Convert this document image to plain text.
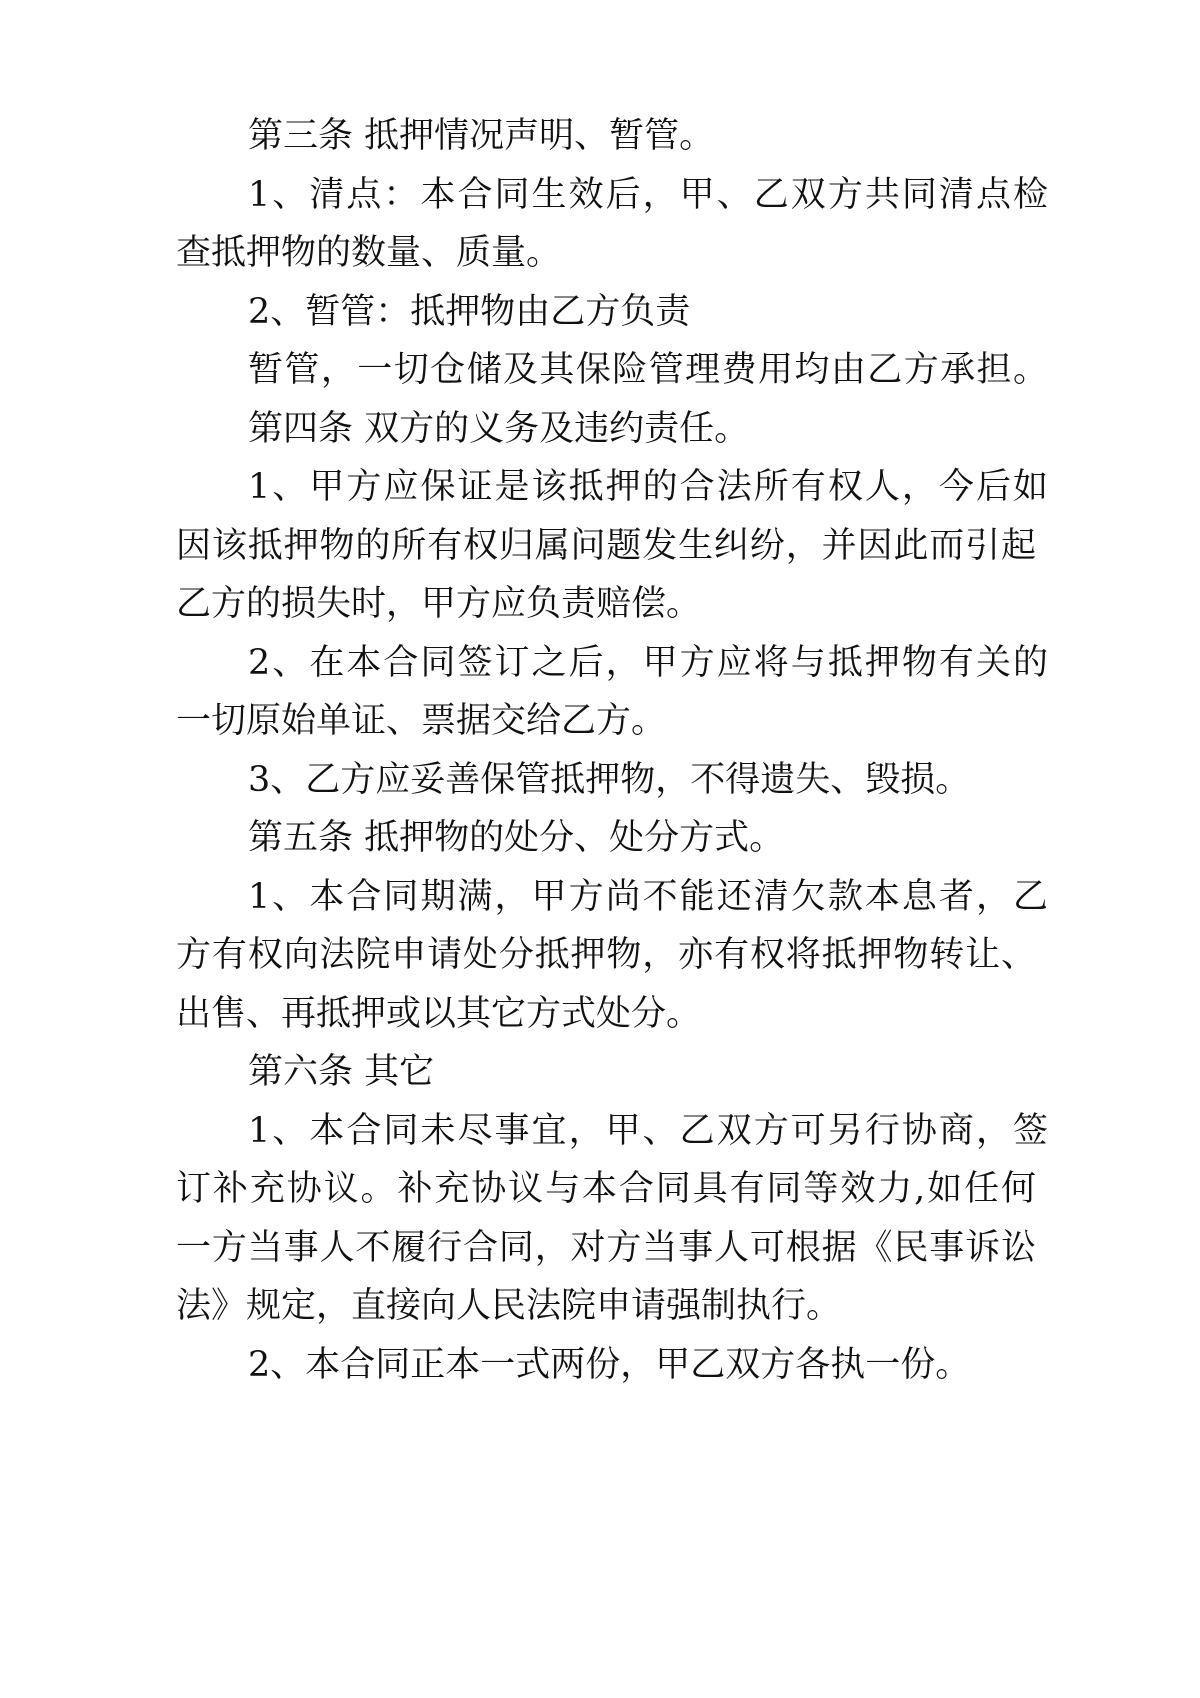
第三条 抵押情况声明、暂管。
1、清点：本合同生效后，甲、乙双方共同清点检
查抵押物的数量、质量。
2、暂管：抵押物由乙方负责
暂管，一切仓储及其保险管理费用均由乙方承担。
第四条 双方的义务及违约责任。
1、甲方应保证是该抵押的合法所有权人，今后如
因该抵押物的所有权归属问题发生纠纷，并因此而引起
乙方的损失时，甲方应负责赔偿。
2、在本合同签订之后，甲方应将与抵押物有关的
一切原始单证、票据交给乙方。
3、乙方应妥善保管抵押物，不得遗失、毁损。
第五条 抵押物的处分、处分方式。
1、本合同期满，甲方尚不能还清欠款本息者，乙
方有权向法院申请处分抵押物，亦有权将抵押物转让、
出售、再抵押或以其它方式处分。
第六条 其它
1、本合同未尽事宜，甲、乙双方可另行协商，签
订补充协议。补充协议与本合同具有同等效力,如任何
一方当事人不履行合同，对方当事人可根据《民事诉讼
法》规定，直接向人民法院申请强制执行。
2、本合同正本一式两份，甲乙双方各执一份。
